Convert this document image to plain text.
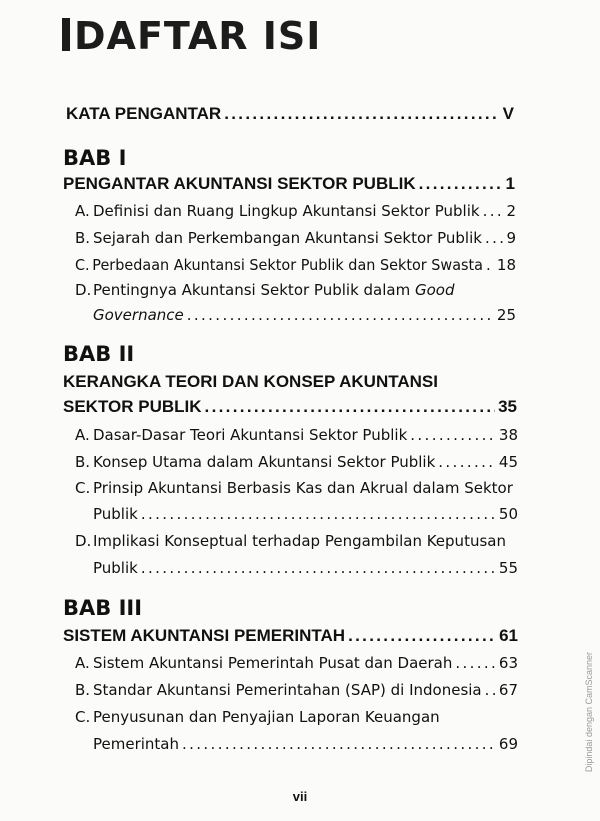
DAFTAR ISI
KATA PENGANTAR . . .	V
BAB I
PENGANTAR AKUNTANSI SEKTOR PUBLIK . . .	1
A. Definisi dan Ruang Lingkup Akuntansi Sektor Publik . . . 2
B. Sejarah dan Perkembangan Akuntansi Sektor Publik . . . 9
C. Perbedaan Akuntansi Sektor Publik dan Sektor Swasta . . . 18
D. Pentingnya Akuntansi Sektor Publik dalam Good
Governance . . .	25
BAB II
KERANGKA TEORI DAN KONSEP AKUNTANSI
SEKTOR PUBLIK . . .	35
A. Dasar-Dasar Teori Akuntansi Sektor Publik . . .	38
B. Konsep Utama dalam Akuntansi Sektor Publik . . .	45
C. Prinsip Akuntansi Berbasis Kas dan Akrual dalam Sektor
Publik . . .	50
D. Implikasi Konseptual terhadap Pengambilan Keputusan
Publik . . .	55
BAB III
SISTEM AKUNTANSI PEMERINTAH . . .	61
A. Sistem Akuntansi Pemerintah Pusat dan Daerah . . .	63
B. Standar Akuntansi Pemerintahan (SAP) di Indonesia . . . 67
C. Penyusunan dan Penyajian Laporan Keuangan
Pemerintah . . .	69
vii
Dipindai dengan CamScanner
